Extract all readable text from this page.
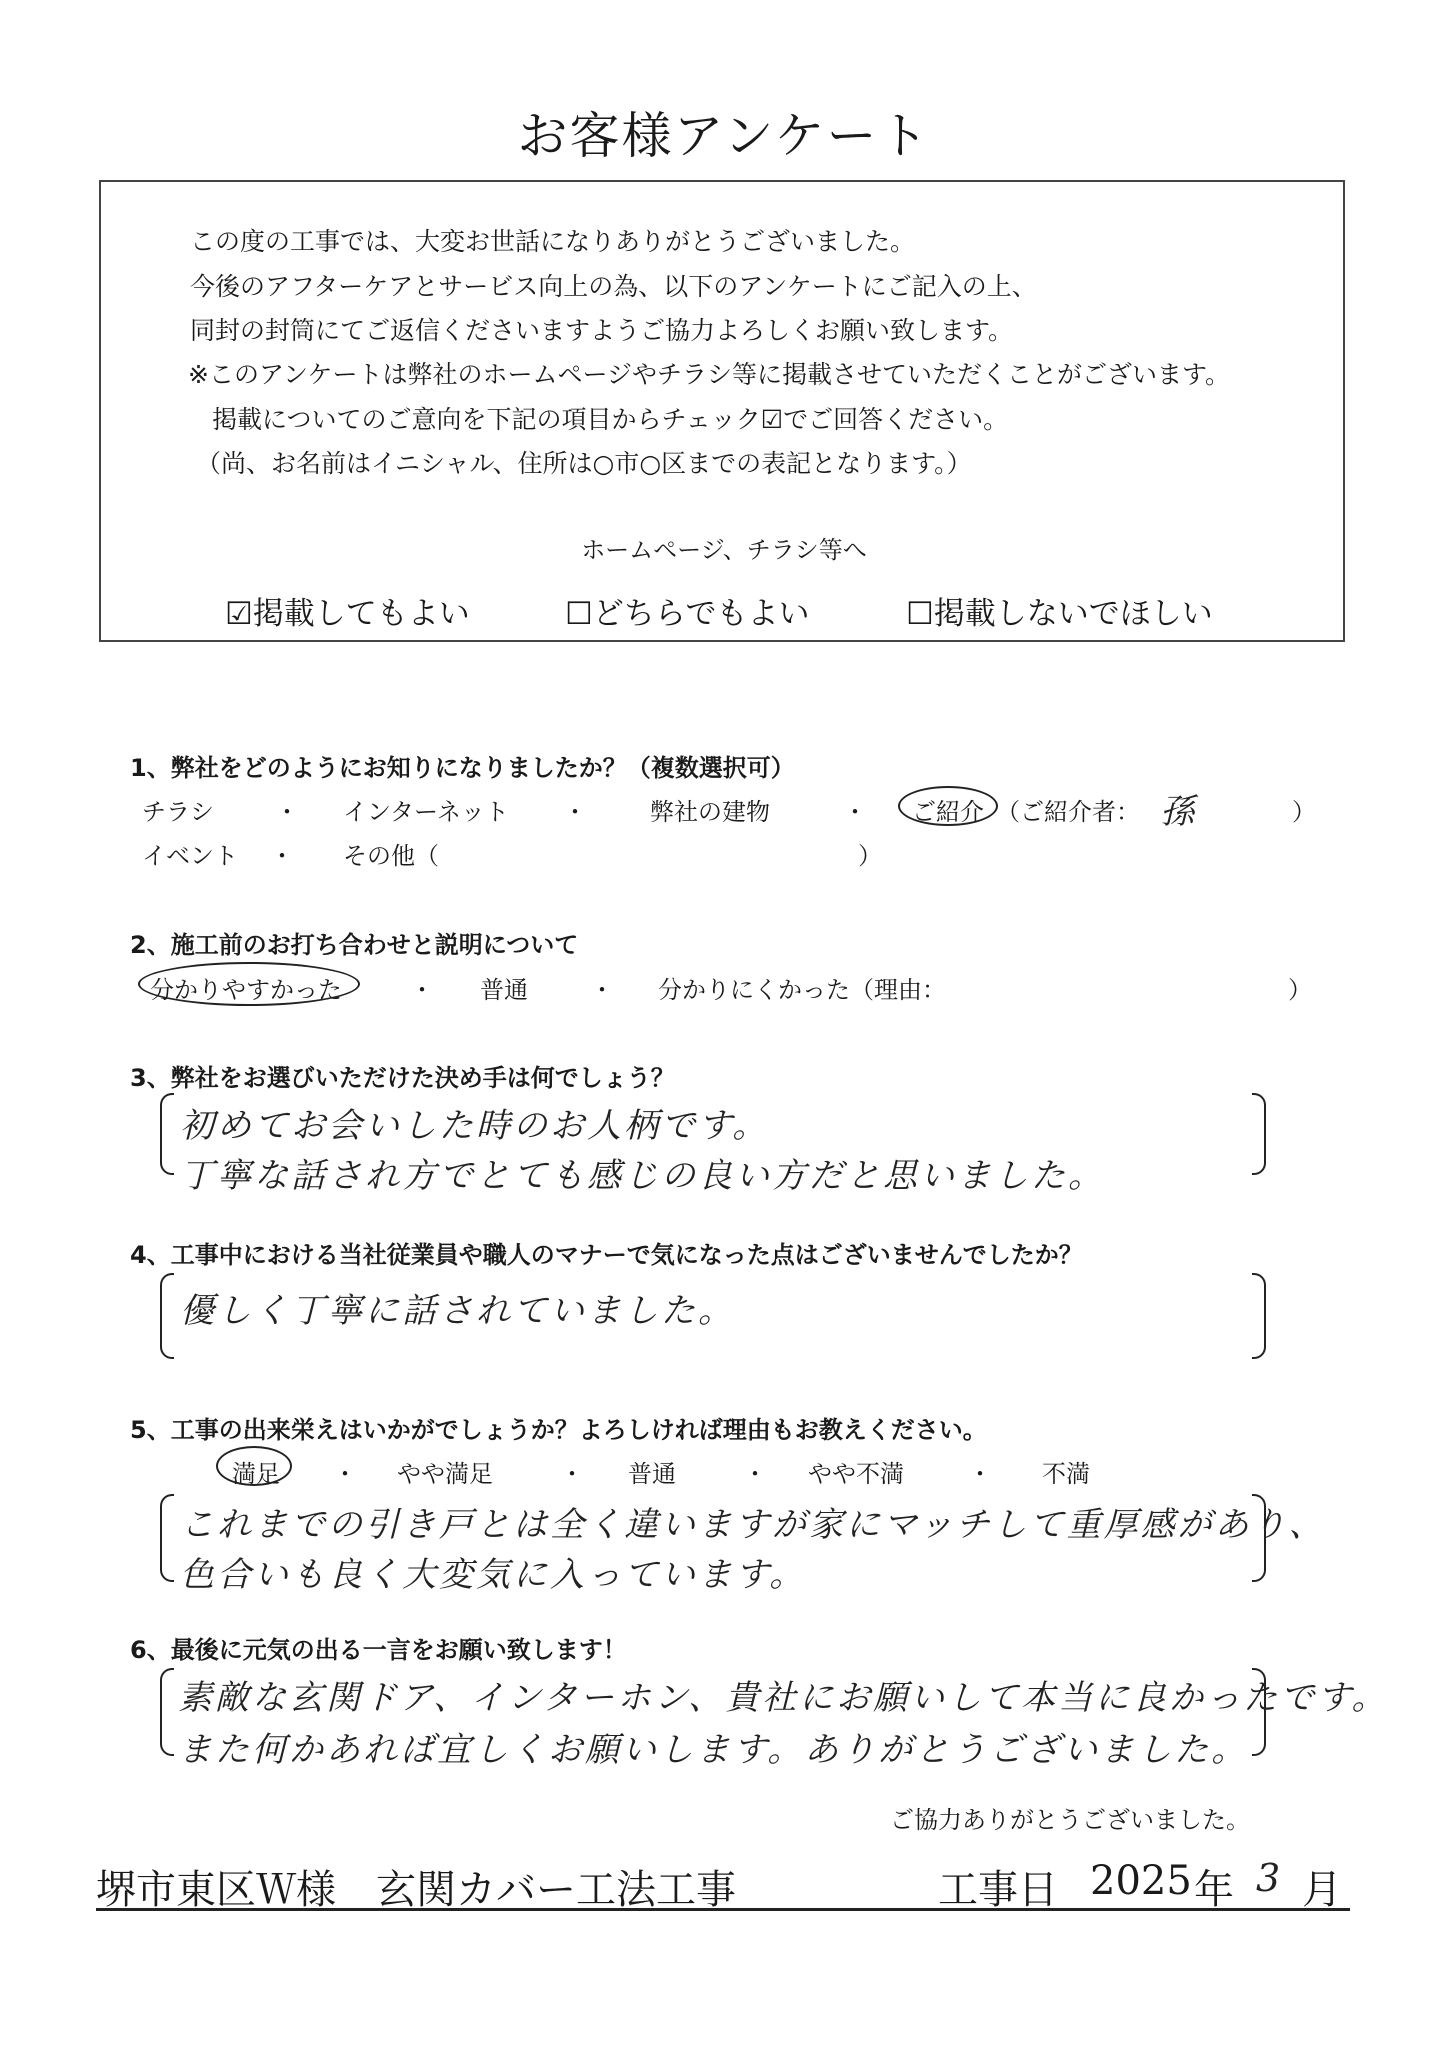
お客様アンケート
この度の工事では、大変お世話になりありがとうございました。
今後のアフターケアとサービス向上の為、以下のアンケートにご記入の上、
同封の封筒にてご返信くださいますようご協力よろしくお願い致します。
※このアンケートは弊社のホームページやチラシ等に掲載させていただくことがございます。
掲載についてのご意向を下記の項目からチェック☑でご回答ください。
（尚、お名前はイニシャル、住所は○市○区までの表記となります。）
ホームページ、チラシ等へ
☑掲載してもよい	☐どちらでもよい	☐掲載しないでほしい
1、弊社をどのようにお知りになりましたか？（複数選択可）
チラシ	・ インターネット ・	弊社の建物	・ ご紹介 （ご紹介者： 孫	）
イベント ・ その他（	）
2、施工前のお打ち合わせと説明について
分かりやすかった	・ 普通	・ 分かりにくかった（理由：	）
3、弊社をお選びいただけた決め手は何でしょう？
初めてお会いした時のお人柄です。
丁寧な話され方でとても感じの良い方だと思いました。
4、工事中における当社従業員や職人のマナーで気になった点はございませんでしたか？
優しく丁寧に話されていました。
5、工事の出来栄えはいかがでしょうか？よろしければ理由もお教えください。
満足 ・ やや満足	・ 普通	・ やや不満	・ 不満
これまでの引き戸とは全く違いますが家にマッチして重厚感があり、
色合いも良く大変気に入っています。
6、最後に元気の出る一言をお願い致します！
素敵な玄関ドア、インターホン、貴社にお願いして本当に良かったです。
また何かあれば宜しくお願いします。ありがとうございました。
ご協力ありがとうございました。
堺市東区Ｗ様　玄関カバー工法工事	工事日 2025 年 3 月
